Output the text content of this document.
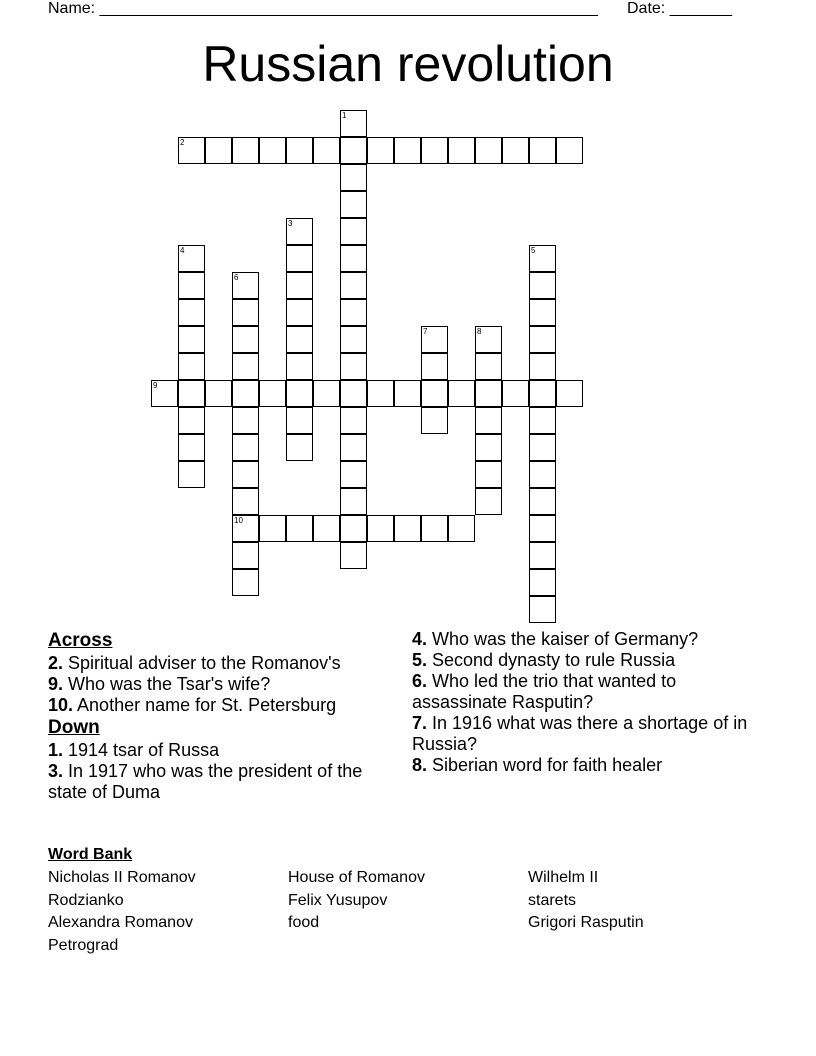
Name: ________________________________________________________ Date: _______
Russian revolution
1
2
3
4	5
6
7	8
9
10
Across
2. Spiritual adviser to the Romanov's
9. Who was the Tsar's wife?
10. Another name for St. Petersburg
Down
1. 1914 tsar of Russa
3. In 1917 who was the president of the state of Duma
4. Who was the kaiser of Germany?
5. Second dynasty to rule Russia
6. Who led the trio that wanted to assassinate Rasputin?
7. In 1916 what was there a shortage of in Russia?
8. Siberian word for faith healer
Word Bank
Nicholas II Romanov	House of Romanov	Wilhelm II
Rodzianko	Felix Yusupov	starets
Alexandra Romanov	food	Grigori Rasputin
Petrograd
